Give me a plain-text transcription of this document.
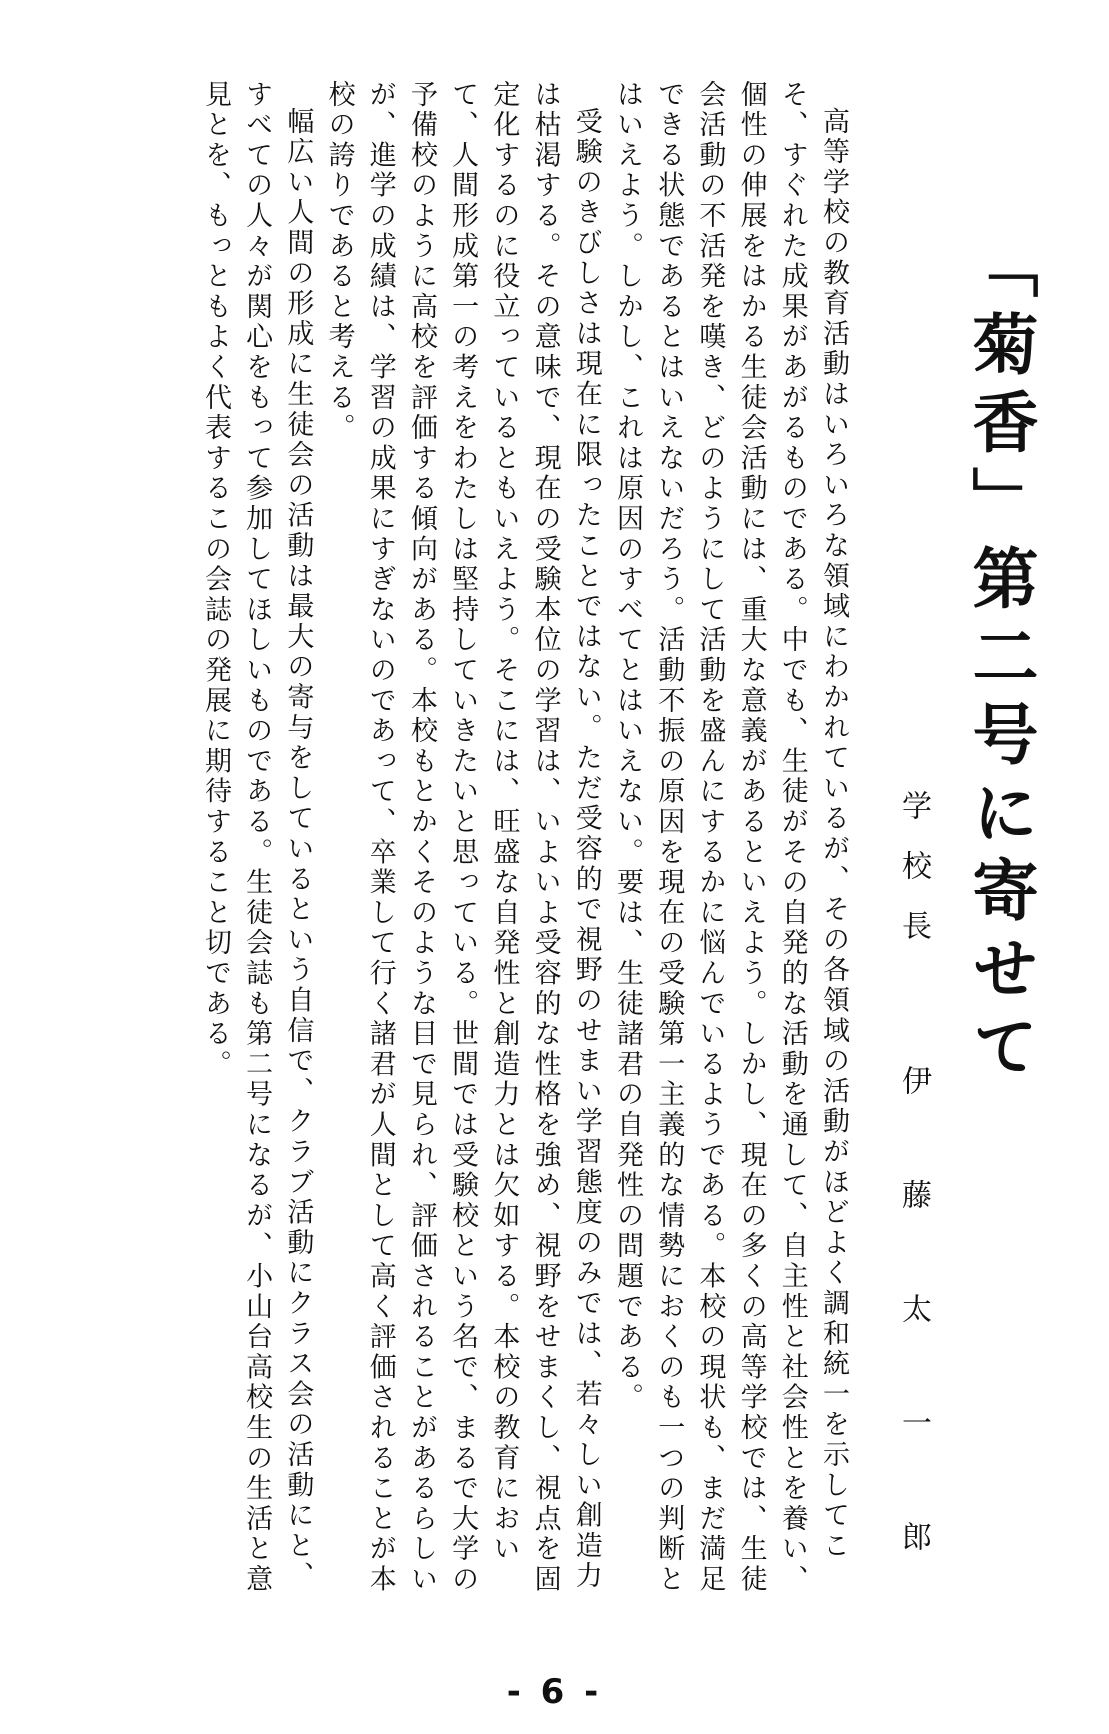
「菊香」第二号に寄せて
学校長
伊藤太一郎

高等学校の教育活動はいろいろな領域にわかれているが、その各領域の活動がほどよく調和統一を示してこそ、すぐれた成果があがるものである。中でも、生徒がその自発的な活動を通して、自主性と社会性とを養い、個性の伸展をはかる生徒会活動には、重大な意義があるといえよう。しかし、現在の多くの高等学校では、生徒会活動の不活発を嘆き、どのようにして活動を盛んにするかに悩んでいるようである。本校の現状も、まだ満足できる状態であるとはいえないだろう。活動不振の原因を現在の受験第一主義的な情勢におくのも一つの判断とはいえよう。しかし、これは原因のすべてとはいえない。要は、生徒諸君の自発性の問題である。

受験のきびしさは現在に限ったことではない。ただ受容的で視野のせまい学習態度のみでは、若々しい創造力は枯渇する。その意味で、現在の受験本位の学習は、いよいよ受容的な性格を強め、視野をせまくし、視点を固定化するのに役立っているともいえよう。そこには、旺盛な自発性と創造力とは欠如する。本校の教育において、人間形成第一の考えをわたしは堅持していきたいと思っている。世間では受験校という名で、まるで大学の予備校のように高校を評価する傾向がある。本校もとかくそのような目で見られ、評価されることがあるらしいが、進学の成績は、学習の成果にすぎないのであって、卒業して行く諸君が人間として高く評価されることが本校の誇りであると考える。

幅広い人間の形成に生徒会の活動は最大の寄与をしているという自信で、クラブ活動にクラス会の活動にと、すべての人々が関心をもって参加してほしいものである。生徒会誌も第二号になるが、小山台高校生の生活と意見とを、もっともよく代表するこの会誌の発展に期待すること切である。

- 6 -
